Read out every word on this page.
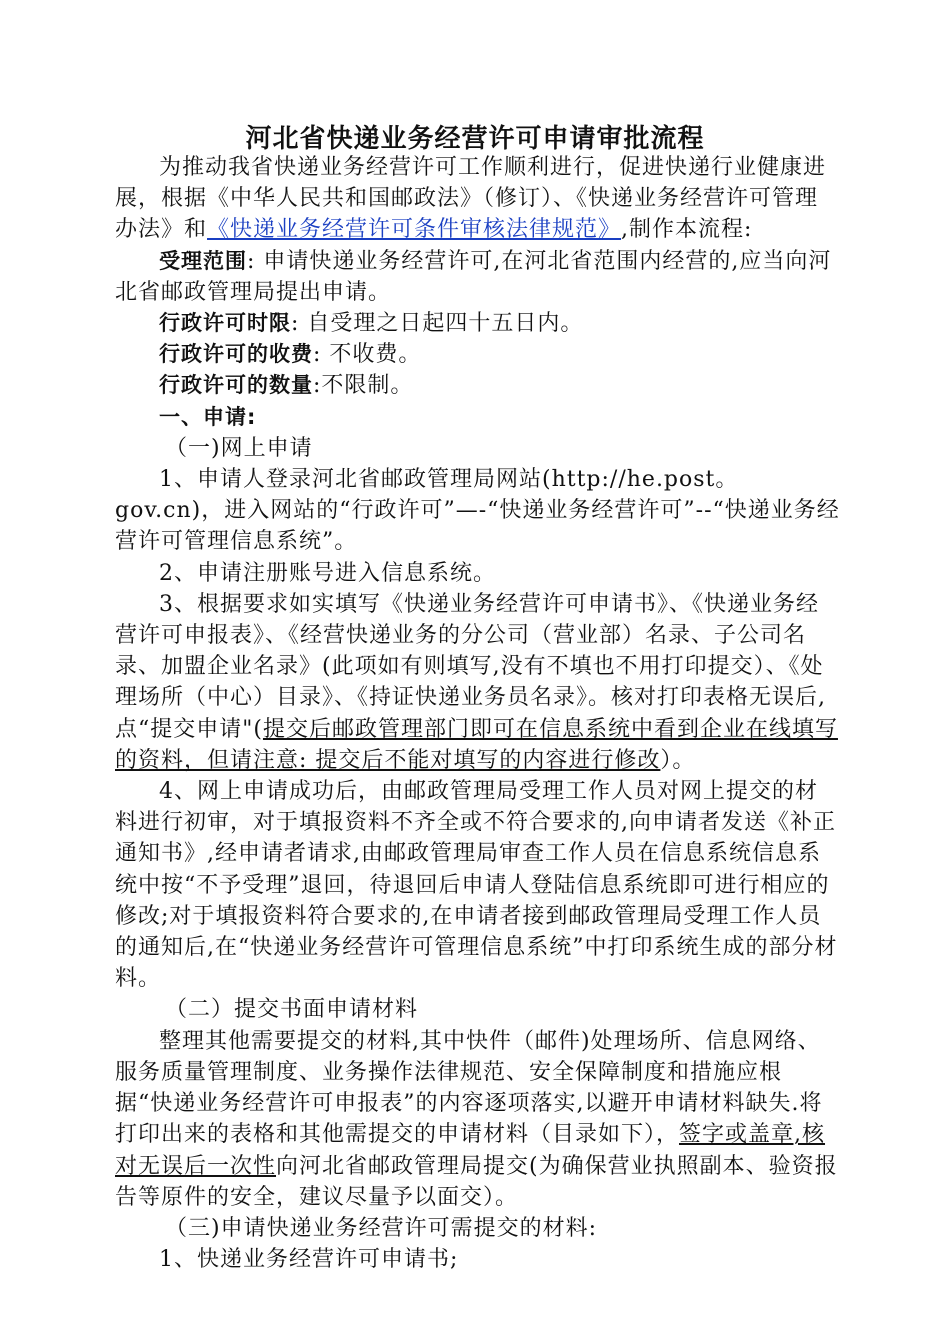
河北省快递业务经营许可申请审批流程

为推动我省快递业务经营许可工作顺利进行，促进快递行业健康进展，根据《中华人民共和国邮政法》（修订）、《快递业务经营许可管理办法》和《快递业务经营许可条件审核法律规范》,制作本流程:

受理范围: 申请快递业务经营许可,在河北省范围内经营的,应当向河北省邮政管理局提出申请。

行政许可时限: 自受理之日起四十五日内。

行政许可的收费: 不收费。

行政许可的数量:不限制。

一、申请:

（一)网上申请

1、申请人登录河北省邮政管理局网站(http://he.post。gov.cn)，进入网站的“行政许可”—-“快递业务经营许可”--“快递业务经营许可管理信息系统”。

2、申请注册账号进入信息系统。

3、根据要求如实填写《快递业务经营许可申请书》、《快递业务经营许可申报表》、《经营快递业务的分公司（营业部）名录、子公司名录、加盟企业名录》(此项如有则填写,没有不填也不用打印提交）、《处理场所（中心）目录》、《持证快递业务员名录》。核对打印表格无误后,点“提交申请"(提交后邮政管理部门即可在信息系统中看到企业在线填写的资料，但请注意: 提交后不能对填写的内容进行修改）。

4、网上申请成功后，由邮政管理局受理工作人员对网上提交的材料进行初审，对于填报资料不齐全或不符合要求的,向申请者发送《补正通知书》,经申请者请求,由邮政管理局审查工作人员在信息系统信息系统中按“不予受理”退回，待退回后申请人登陆信息系统即可进行相应的修改;对于填报资料符合要求的,在申请者接到邮政管理局受理工作人员的通知后,在“快递业务经营许可管理信息系统”中打印系统生成的部分材料。

（二）提交书面申请材料

整理其他需要提交的材料,其中快件（邮件)处理场所、信息网络、服务质量管理制度、业务操作法律规范、安全保障制度和措施应根据“快递业务经营许可申报表”的内容逐项落实,以避开申请材料缺失.将打印出来的表格和其他需提交的申请材料（目录如下），签字或盖章,核对无误后一次性向河北省邮政管理局提交(为确保营业执照副本、验资报告等原件的安全，建议尽量予以面交）。

（三)申请快递业务经营许可需提交的材料:

1、快递业务经营许可申请书;
